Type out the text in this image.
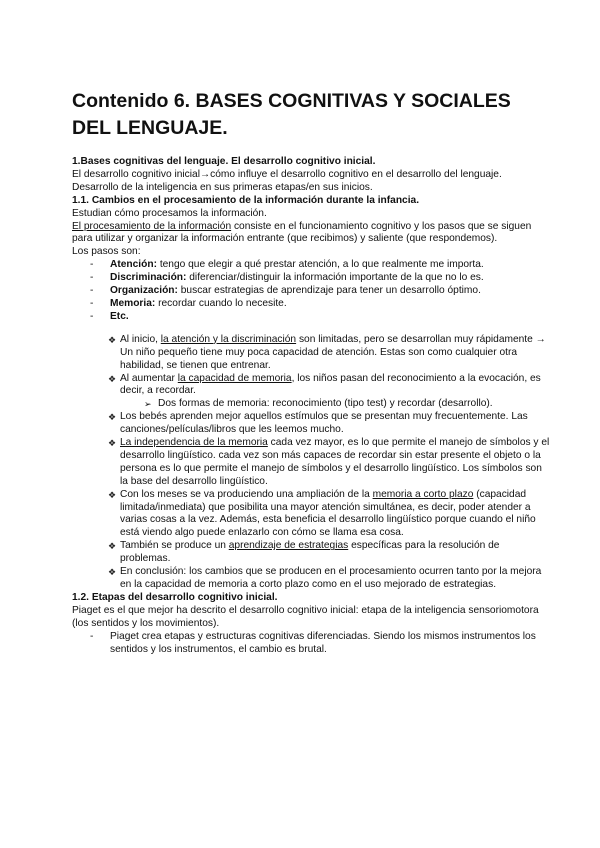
Contenido 6. BASES COGNITIVAS Y SOCIALES DEL LENGUAJE.

1.Bases cognitivas del lenguaje. El desarrollo cognitivo inicial.

El desarrollo cognitivo inicial→cómo influye el desarrollo cognitivo en el desarrollo del lenguaje. Desarrollo de la inteligencia en sus primeras etapas/en sus inicios.

1.1. Cambios en el procesamiento de la información durante la infancia.

Estudian cómo procesamos la información.

El procesamiento de la información consiste en el funcionamiento cognitivo y los pasos que se siguen para utilizar y organizar la información entrante (que recibimos) y saliente (que respondemos).

Los pasos son:

- Atención: tengo que elegir a qué prestar atención, a lo que realmente me importa.
- Discriminación: diferenciar/distinguir la información importante de la que no lo es.
- Organización: buscar estrategias de aprendizaje para tener un desarrollo óptimo.
- Memoria: recordar cuando lo necesite.
- Etc.
❖ Al inicio, la atención y la discriminación son limitadas, pero se desarrollan muy rápidamente → Un niño pequeño tiene muy poca capacidad de atención. Estas son como cualquier otra habilidad, se tienen que entrenar.
❖ Al aumentar la capacidad de memoria, los niños pasan del reconocimiento a la evocación, es decir, a recordar.
➢ Dos formas de memoria: reconocimiento (tipo test) y recordar (desarrollo).
❖ Los bebés aprenden mejor aquellos estímulos que se presentan muy frecuentemente. Las canciones/películas/libros que les leemos mucho.
❖ La independencia de la memoria cada vez mayor, es lo que permite el manejo de símbolos y el desarrollo lingüístico. cada vez son más capaces de recordar sin estar presente el objeto o la persona es lo que permite el manejo de símbolos y el desarrollo lingüístico. Los símbolos son la base del desarrollo lingüístico.
❖ Con los meses se va produciendo una ampliación de la memoria a corto plazo (capacidad limitada/inmediata) que posibilita una mayor atención simultánea, es decir, poder atender a varias cosas a la vez. Además, esta beneficia el desarrollo lingüístico porque cuando el niño está viendo algo puede enlazarlo con cómo se llama esa cosa.
❖ También se produce un aprendizaje de estrategias específicas para la resolución de problemas.
❖ En conclusión: los cambios que se producen en el procesamiento ocurren tanto por la mejora en la capacidad de memoria a corto plazo como en el uso mejorado de estrategias.

1.2. Etapas del desarrollo cognitivo inicial.

Piaget es el que mejor ha descrito el desarrollo cognitivo inicial: etapa de la inteligencia sensoriomotora (los sentidos y los movimientos).

- Piaget crea etapas y estructuras cognitivas diferenciadas. Siendo los mismos instrumentos los sentidos y los instrumentos, el cambio es brutal.
